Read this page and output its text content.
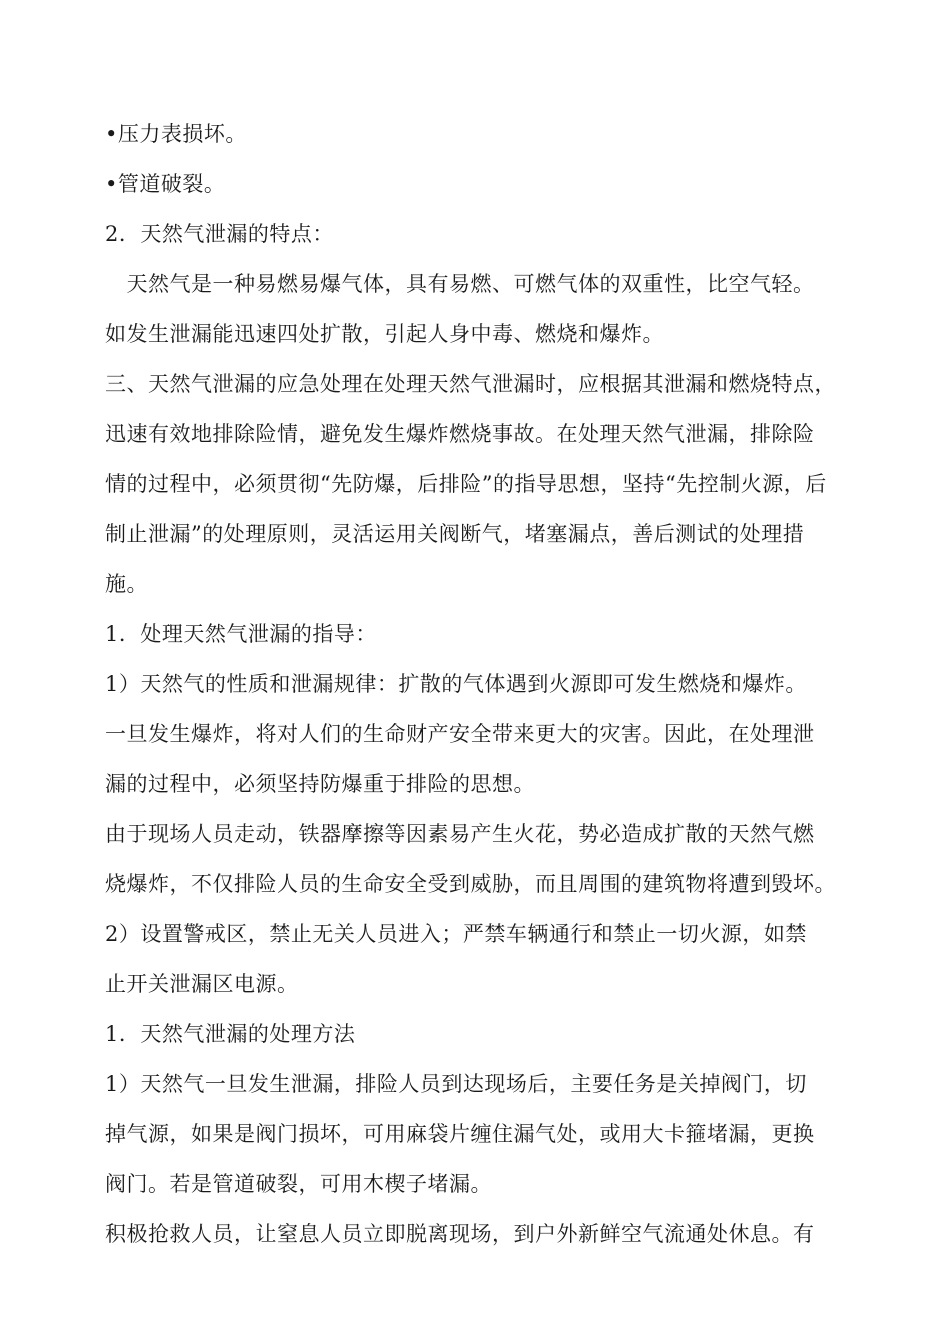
•压力表损坏。
•管道破裂。
2．天然气泄漏的特点：
　天然气是一种易燃易爆气体，具有易燃、可燃气体的双重性，比空气轻。
如发生泄漏能迅速四处扩散，引起人身中毒、燃烧和爆炸。
三、天然气泄漏的应急处理在处理天然气泄漏时，应根据其泄漏和燃烧特点，
迅速有效地排除险情，避免发生爆炸燃烧事故。在处理天然气泄漏，排除险
情的过程中，必须贯彻“先防爆，后排险”的指导思想，坚持“先控制火源，后
制止泄漏”的处理原则，灵活运用关阀断气，堵塞漏点，善后测试的处理措
施。
1．处理天然气泄漏的指导：
1）天然气的性质和泄漏规律：扩散的气体遇到火源即可发生燃烧和爆炸。
一旦发生爆炸，将对人们的生命财产安全带来更大的灾害。因此，在处理泄
漏的过程中，必须坚持防爆重于排险的思想。
由于现场人员走动，铁器摩擦等因素易产生火花，势必造成扩散的天然气燃
烧爆炸，不仅排险人员的生命安全受到威胁，而且周围的建筑物将遭到毁坏。
2）设置警戒区，禁止无关人员进入；严禁车辆通行和禁止一切火源，如禁
止开关泄漏区电源。
1．天然气泄漏的处理方法
1）天然气一旦发生泄漏，排险人员到达现场后，主要任务是关掉阀门，切
掉气源，如果是阀门损坏，可用麻袋片缠住漏气处，或用大卡箍堵漏，更换
阀门。若是管道破裂，可用木楔子堵漏。
积极抢救人员，让窒息人员立即脱离现场，到户外新鲜空气流通处休息。有
